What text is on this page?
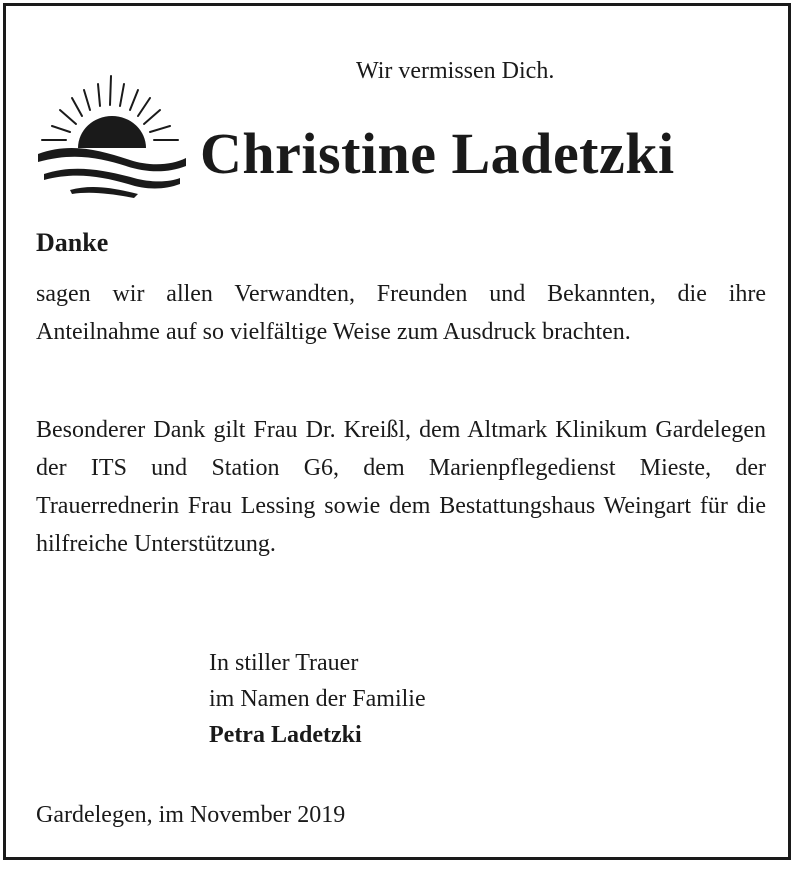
Wir vermissen Dich.
Christine Ladetzki
Danke
sagen wir allen Verwandten, Freunden und Bekannten, die ihre Anteilnahme auf so vielfältige Weise zum Ausdruck brachten.
Besonderer Dank gilt Frau Dr. Kreißl, dem Altmark Klinikum Gardelegen der ITS und Station G6, dem Marienpflegedienst Mieste, der Trauerrednerin Frau Lessing sowie dem Bestattungshaus Weingart für die hilfreiche Unterstützung.
In stiller Trauer
im Namen der Familie
Petra Ladetzki
Gardelegen, im November 2019
